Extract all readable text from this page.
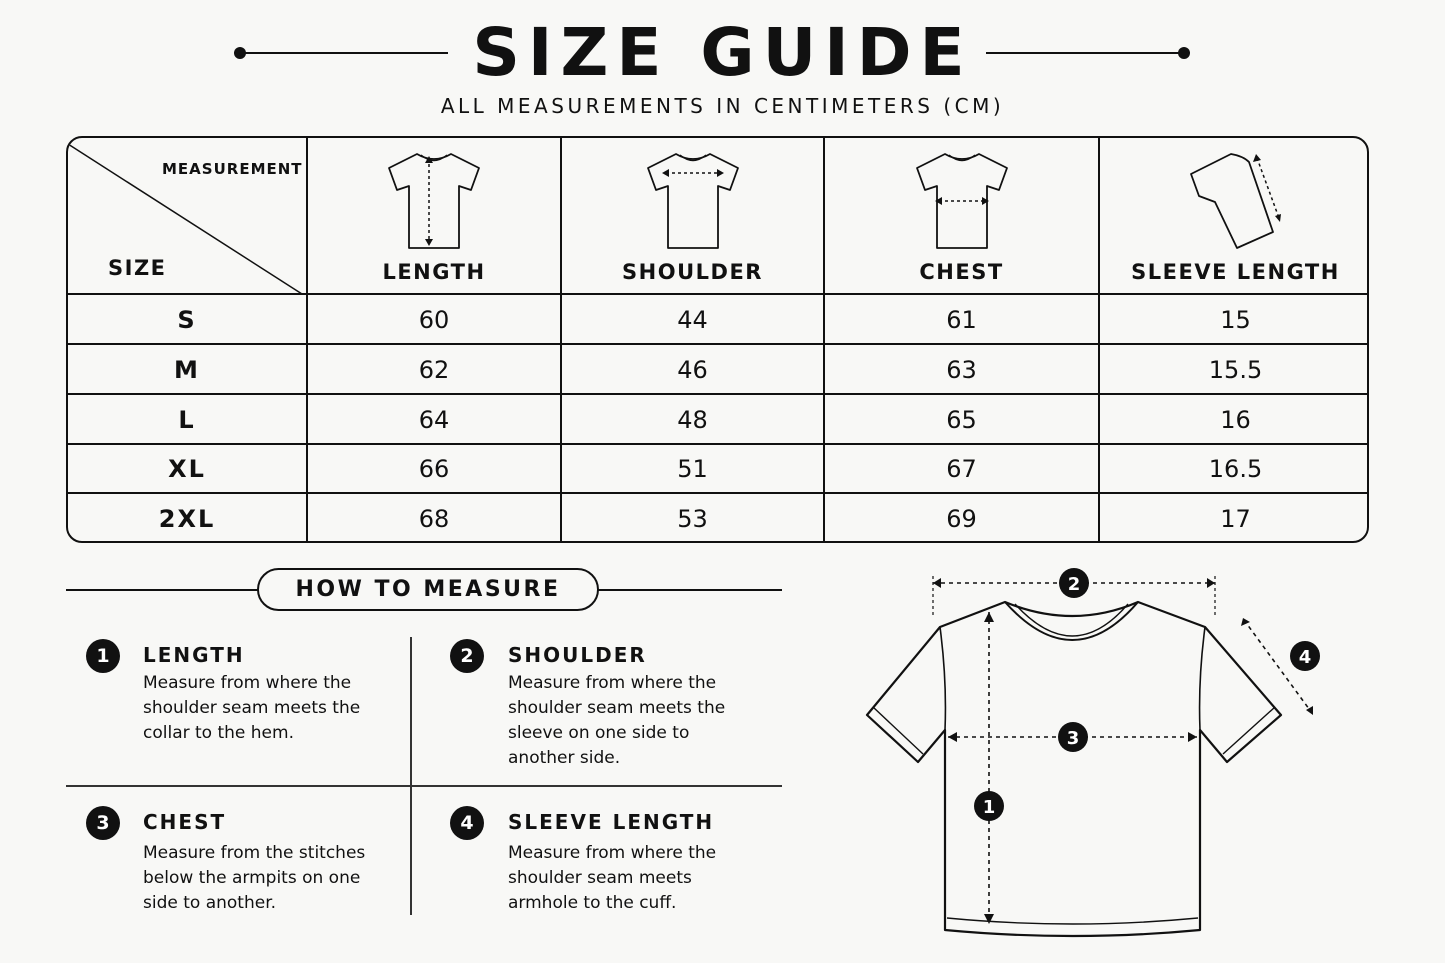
SIZE GUIDE
ALL MEASUREMENTS IN CENTIMETERS (CM)
MEASUREMENT
SIZE	LENGTH	SHOULDER	CHEST	SLEEVE LENGTH
S	60	44	61	15
M	62	46	63	15.5
L	64	48	65	16
XL	66	51	67	16.5
2XL	68	53	69	17
HOW TO MEASURE
1	LENGTH
Measure from where the shoulder seam meets the collar to the hem.
2	SHOULDER
Measure from where the shoulder seam meets the sleeve on one side to another side.
3	CHEST
Measure from the stitches below the armpits on one side to another.
4	SLEEVE LENGTH
Measure from where the shoulder seam meets armhole to the cuff.
2
1
3
4
